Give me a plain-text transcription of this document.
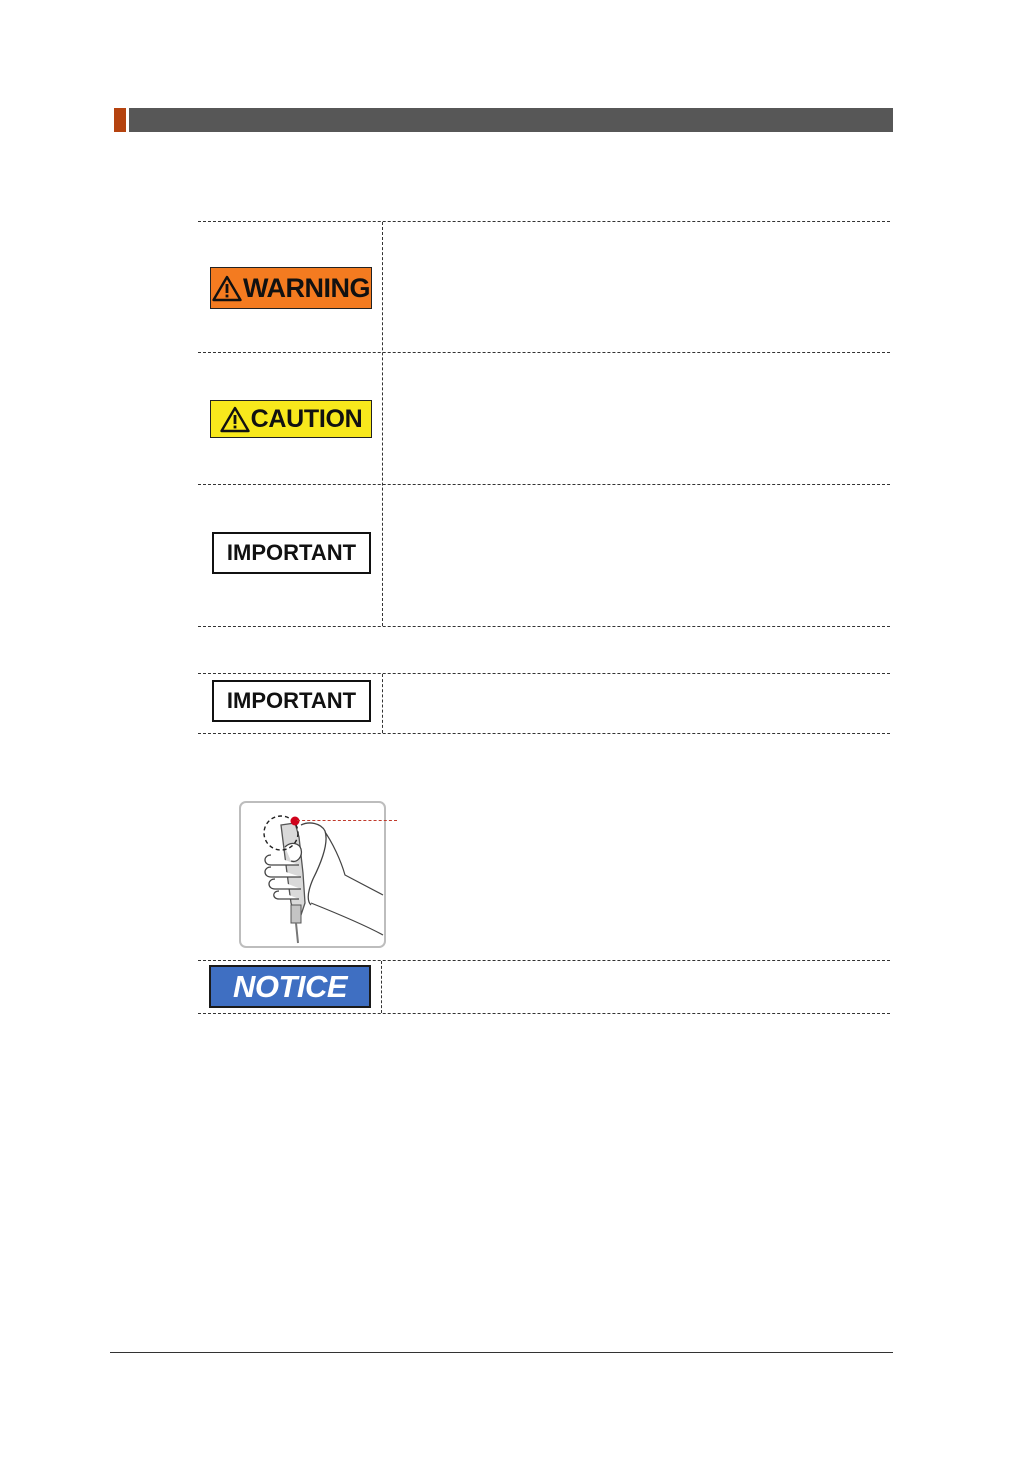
WARNING
CAUTION
IMPORTANT
IMPORTANT
NOTICE
